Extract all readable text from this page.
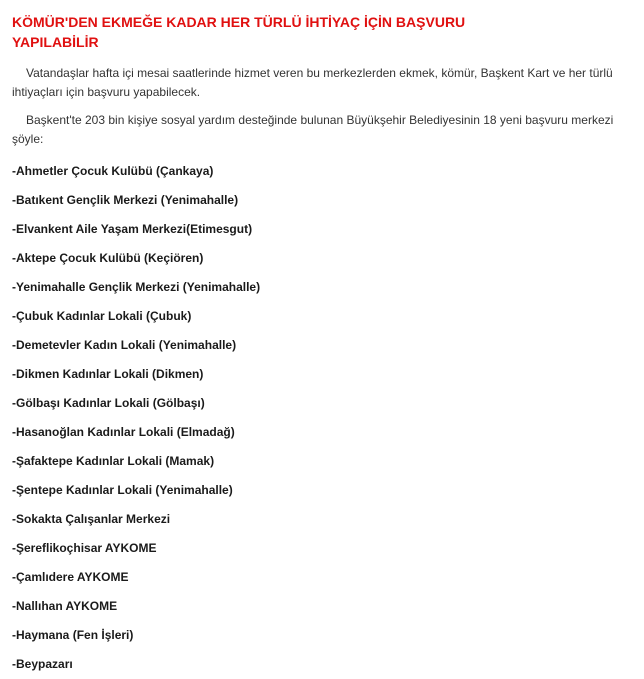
KÖMÜR'DEN EKMEĞE KADAR HER TÜRLÜ İHTİYAÇ İÇİN BAŞVURU YAPILABİLİR

Vatandaşlar hafta içi mesai saatlerinde hizmet veren bu merkezlerden ekmek, kömür, Başkent Kart ve her türlü ihtiyaçları için başvuru yapabilecek.

Başkent'te 203 bin kişiye sosyal yardım desteğinde bulunan Büyükşehir Belediyesinin 18 yeni başvuru merkezi şöyle:

-Ahmetler Çocuk Kulübü (Çankaya)
-Batıkent Gençlik Merkezi (Yenimahalle)
-Elvankent Aile Yaşam Merkezi(Etimesgut)
-Aktepe Çocuk Kulübü (Keçiören)
-Yenimahalle Gençlik Merkezi (Yenimahalle)
-Çubuk Kadınlar Lokali (Çubuk)
-Demetevler Kadın Lokali (Yenimahalle)
-Dikmen Kadınlar Lokali (Dikmen)
-Gölbaşı Kadınlar Lokali (Gölbaşı)
-Hasanoğlan Kadınlar Lokali (Elmadağ)
-Şafaktepe Kadınlar Lokali (Mamak)
-Şentepe Kadınlar Lokali (Yenimahalle)
-Sokakta Çalışanlar Merkezi
-Şereflikoçhisar AYKOME
-Çamlıdere AYKOME
-Nallıhan AYKOME
-Haymana (Fen İşleri)
-Beypazarı
